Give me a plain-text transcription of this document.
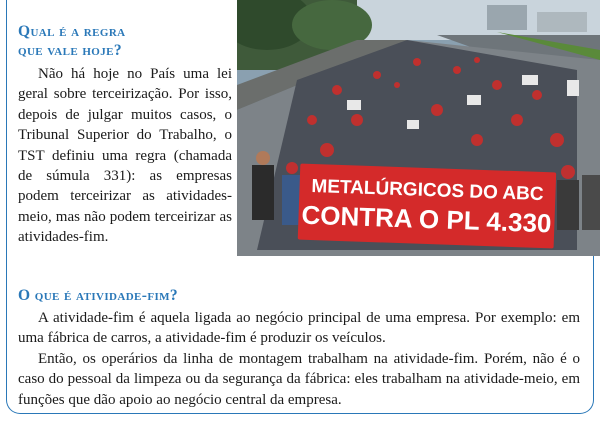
Qual é a regra
que vale hoje?

Não há hoje no País uma lei geral sobre terceirização. Por isso, depois de julgar muitos casos, o Tribunal Superior do Trabalho, o TST definiu uma regra (chamada de súmula 331): as empresas podem terceirizar as atividades-meio, mas não podem terceirizar as atividades-fim.

METALÚRGICOS DO ABC
CONTRA O PL 4.330
O que é atividade-fim?

A atividade-fim é aquela ligada ao negócio principal de uma empresa. Por exemplo: em uma fábrica de carros, a atividade-fim é produzir os veículos.

Então, os operários da linha de montagem trabalham na atividade-fim. Porém, não é o caso do pessoal da limpeza ou da segurança da fábrica: eles trabalham na atividade-meio, em funções que dão apoio ao negócio central da empresa.
